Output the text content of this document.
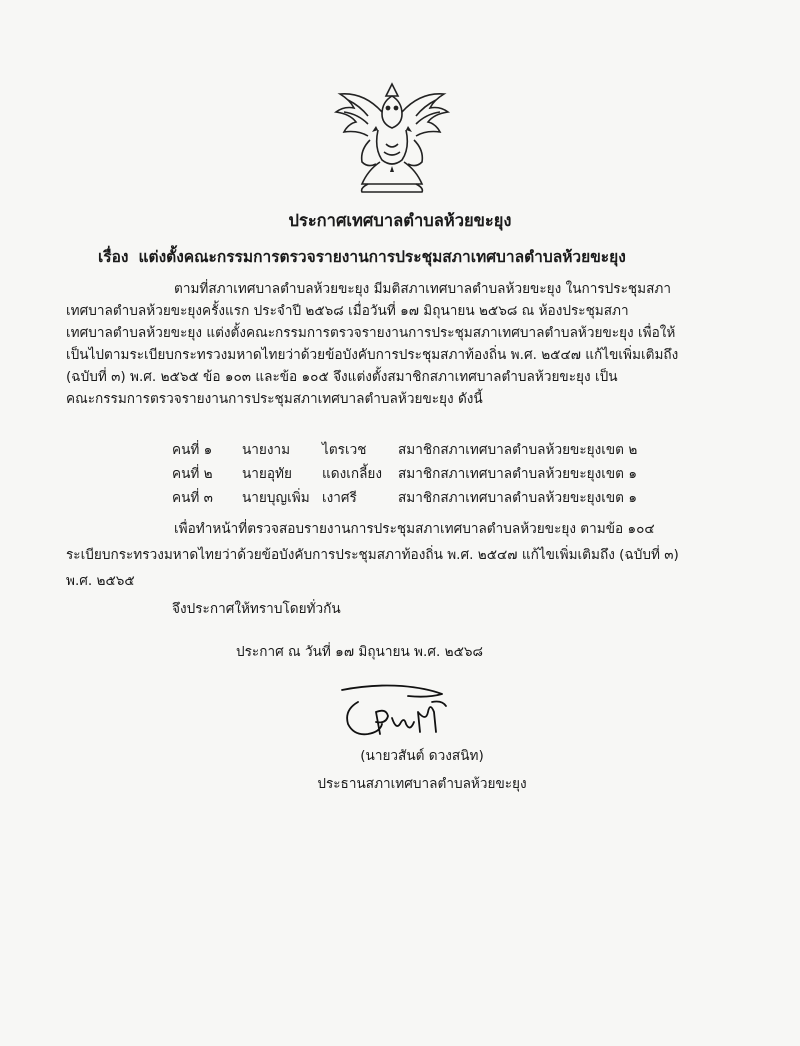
ประกาศเทศบาลตำบลห้วยขะยุง
เรื่อง แต่งตั้งคณะกรรมการตรวจรายงานการประชุมสภาเทศบาลตำบลห้วยขะยุง

ตามที่สภาเทศบาลตำบลห้วยขะยุง มีมติสภาเทศบาลตำบลห้วยขะยุง ในการประชุมสภา
เทศบาลตำบลห้วยขะยุงครั้งแรก ประจำปี ๒๕๖๘ เมื่อวันที่ ๑๗ มิถุนายน ๒๕๖๘ ณ ห้องประชุมสภา
เทศบาลตำบลห้วยขะยุง แต่งตั้งคณะกรรมการตรวจรายงานการประชุมสภาเทศบาลตำบลห้วยขะยุง เพื่อให้
เป็นไปตามระเบียบกระทรวงมหาดไทยว่าด้วยข้อบังคับการประชุมสภาท้องถิ่น พ.ศ. ๒๕๔๗ แก้ไขเพิ่มเติมถึง
(ฉบับที่ ๓) พ.ศ. ๒๕๖๕ ข้อ ๑๐๓ และข้อ ๑๐๕ จึงแต่งตั้งสมาชิกสภาเทศบาลตำบลห้วยขะยุง เป็น
คณะกรรมการตรวจรายงานการประชุมสภาเทศบาลตำบลห้วยขะยุง ดังนี้

คนที่ ๑	นายงาม	ไตรเวช	สมาชิกสภาเทศบาลตำบลห้วยขะยุงเขต ๒
คนที่ ๒	นายอุทัย	แดงเกลี้ยง	สมาชิกสภาเทศบาลตำบลห้วยขะยุงเขต ๑
คนที่ ๓	นายบุญเพิ่ม เงาศรี	สมาชิกสภาเทศบาลตำบลห้วยขะยุงเขต ๑

เพื่อทำหน้าที่ตรวจสอบรายงานการประชุมสภาเทศบาลตำบลห้วยขะยุง ตามข้อ ๑๐๔
ระเบียบกระทรวงมหาดไทยว่าด้วยข้อบังคับการประชุมสภาท้องถิ่น พ.ศ. ๒๕๔๗ แก้ไขเพิ่มเติมถึง (ฉบับที่ ๓)
พ.ศ. ๒๕๖๕

จึงประกาศให้ทราบโดยทั่วกัน

ประกาศ ณ วันที่ ๑๗ มิถุนายน พ.ศ. ๒๕๖๘

(นายวสันต์ ดวงสนิท)

ประธานสภาเทศบาลตำบลห้วยขะยุง
